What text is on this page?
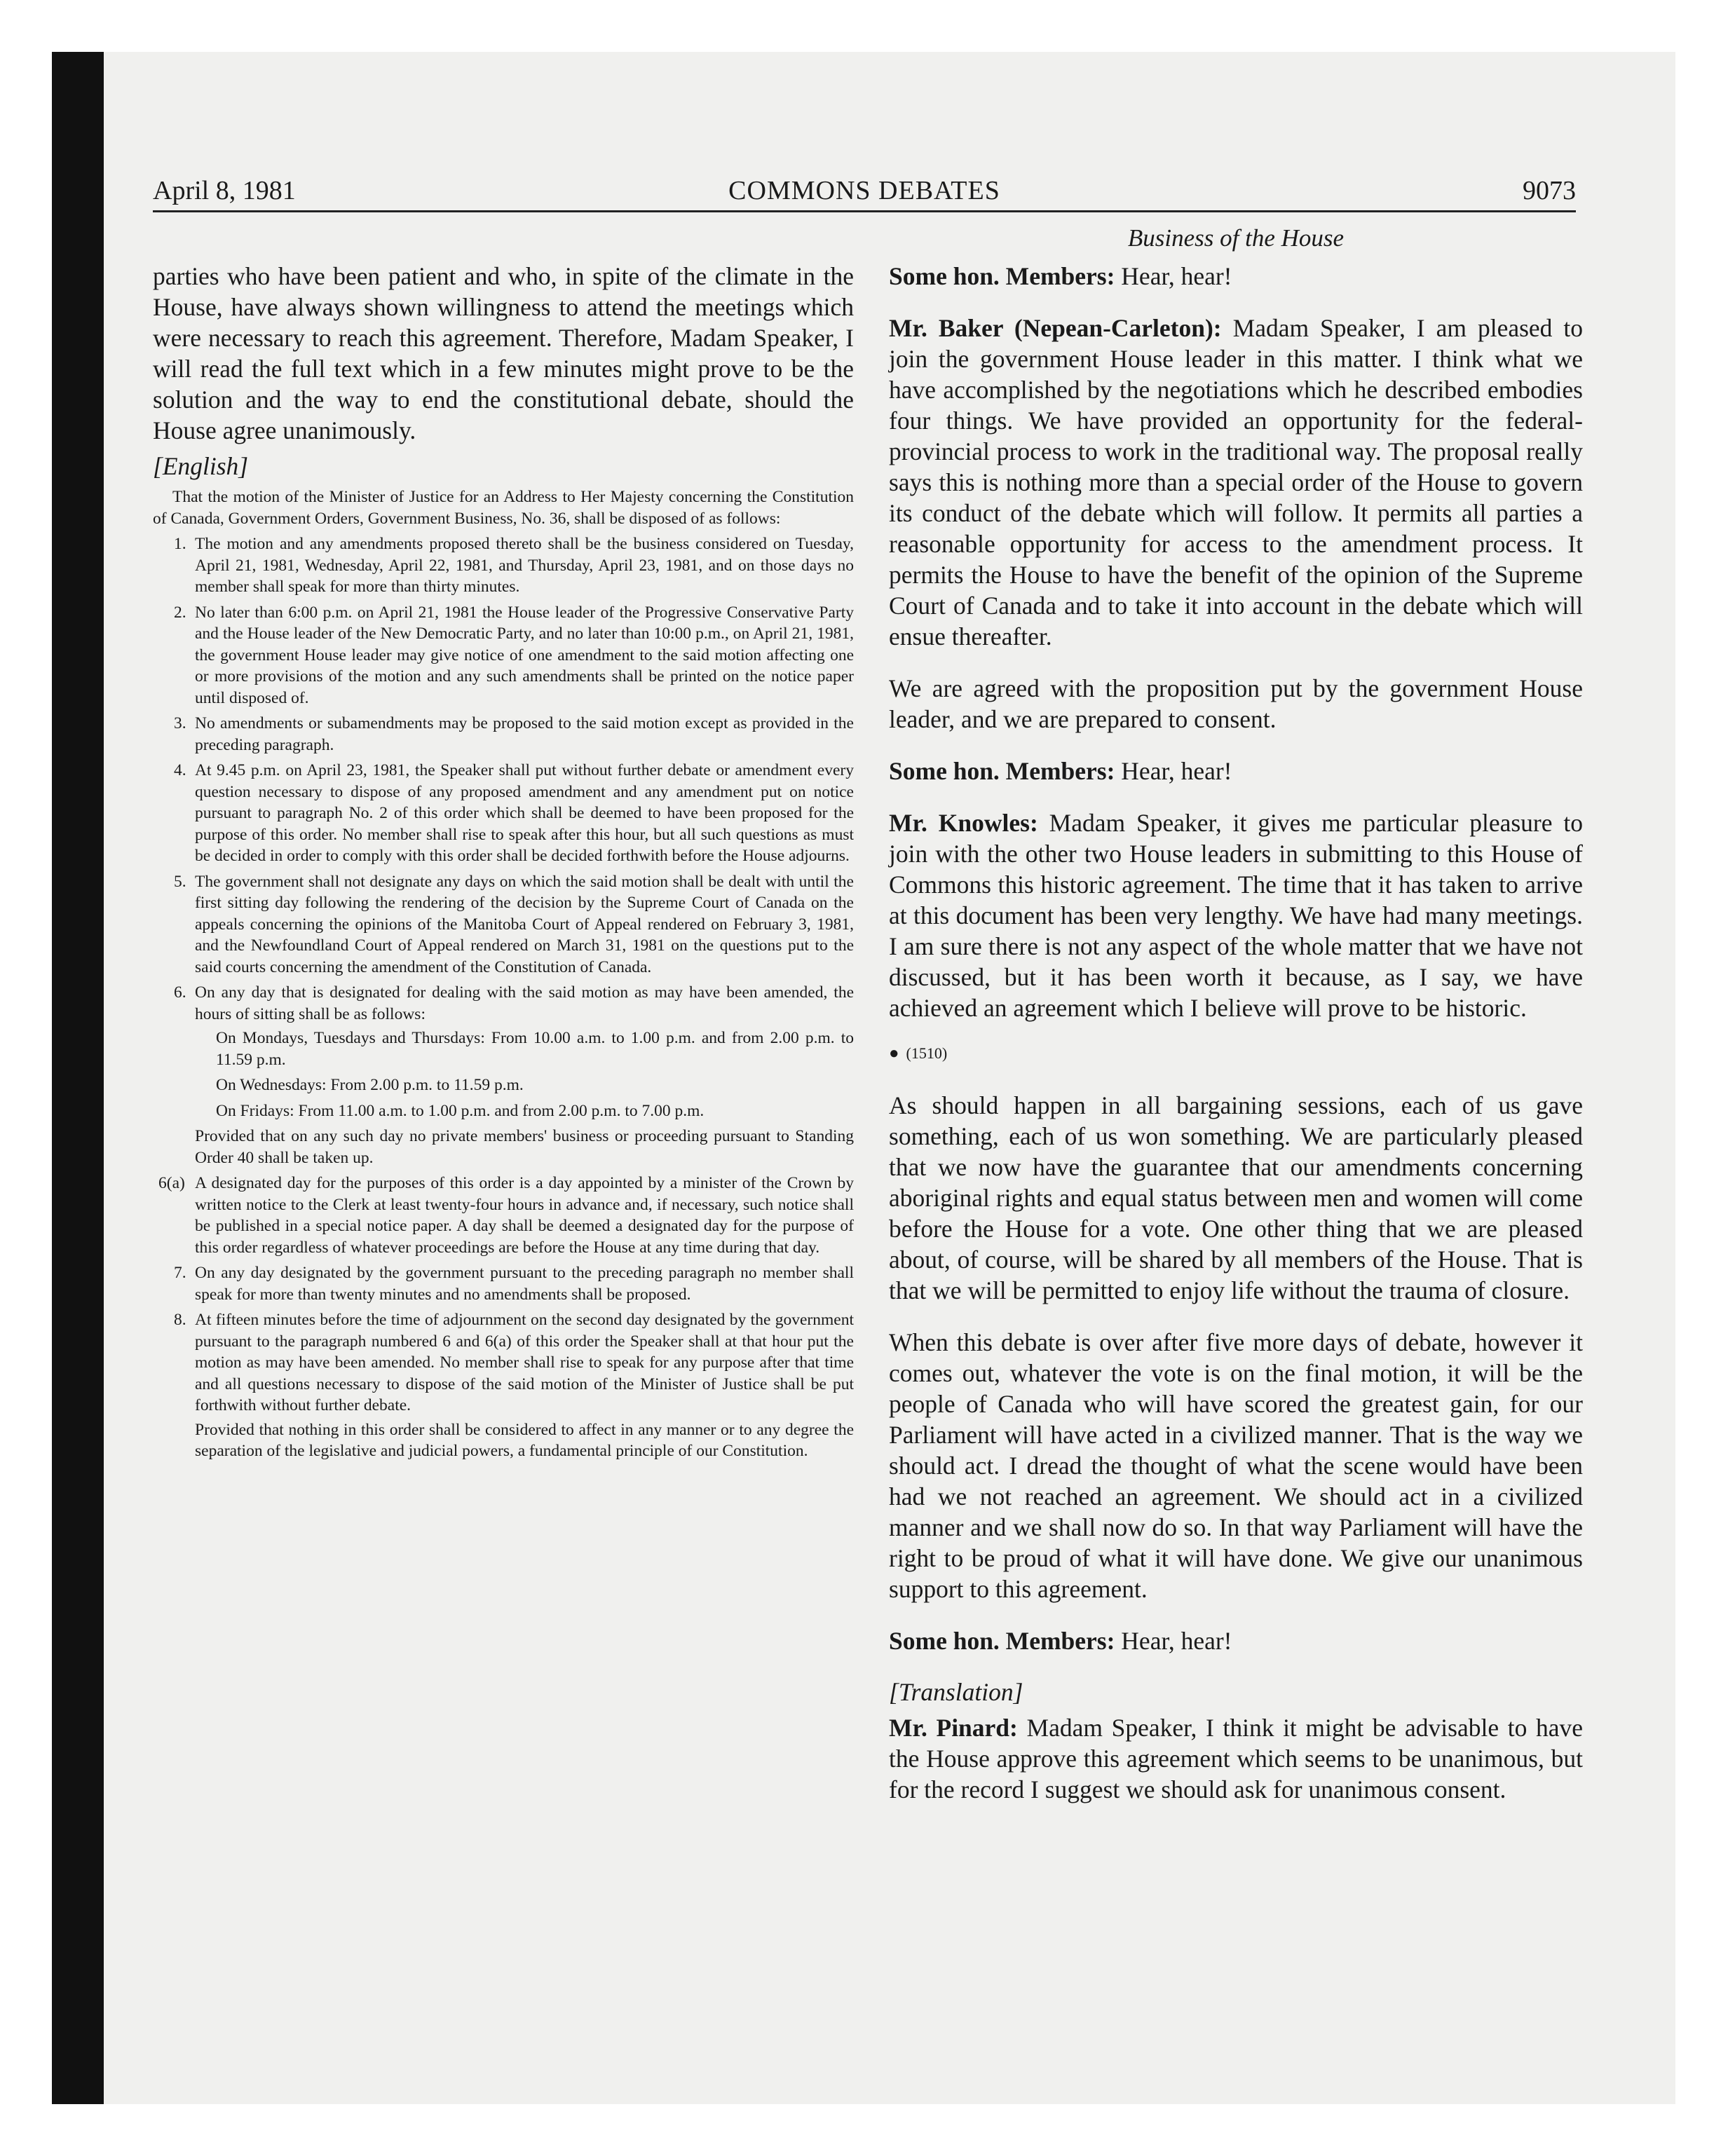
April 8, 1981	COMMONS DEBATES	9073

parties who have been patient and who, in spite of the climate in the House, have always shown willingness to attend the meetings which were necessary to reach this agreement. Therefore, Madam Speaker, I will read the full text which in a few minutes might prove to be the solution and the way to end the constitutional debate, should the House agree unanimously.

[English]

That the motion of the Minister of Justice for an Address to Her Majesty concerning the Constitution of Canada, Government Orders, Government Business, No. 36, shall be disposed of as follows:

1. The motion and any amendments proposed thereto shall be the business considered on Tuesday, April 21, 1981, Wednesday, April 22, 1981, and Thursday, April 23, 1981, and on those days no member shall speak for more than thirty minutes.
2. No later than 6:00 p.m. on April 21, 1981 the House leader of the Progressive Conservative Party and the House leader of the New Democratic Party, and no later than 10:00 p.m., on April 21, 1981, the government House leader may give notice of one amendment to the said motion affecting one or more provisions of the motion and any such amendments shall be printed on the notice paper until disposed of.
3. No amendments or subamendments may be proposed to the said motion except as provided in the preceding paragraph.
4. At 9.45 p.m. on April 23, 1981, the Speaker shall put without further debate or amendment every question necessary to dispose of any proposed amendment and any amendment put on notice pursuant to paragraph No. 2 of this order which shall be deemed to have been proposed for the purpose of this order. No member shall rise to speak after this hour, but all such questions as must be decided in order to comply with this order shall be decided forthwith before the House adjourns.
5. The government shall not designate any days on which the said motion shall be dealt with until the first sitting day following the rendering of the decision by the Supreme Court of Canada on the appeals concerning the opinions of the Manitoba Court of Appeal rendered on February 3, 1981, and the Newfoundland Court of Appeal rendered on March 31, 1981 on the questions put to the said courts concerning the amendment of the Constitution of Canada.
6. On any day that is designated for dealing with the said motion as may have been amended, the hours of sitting shall be as follows:

On Mondays, Tuesdays and Thursdays: From 10.00 a.m. to 1.00 p.m. and from 2.00 p.m. to 11.59 p.m.

On Wednesdays: From 2.00 p.m. to 11.59 p.m.

On Fridays: From 11.00 a.m. to 1.00 p.m. and from 2.00 p.m. to 7.00 p.m.

Provided that on any such day no private members' business or proceeding pursuant to Standing Order 40 shall be taken up.

6(a) A designated day for the purposes of this order is a day appointed by a minister of the Crown by written notice to the Clerk at least twenty-four hours in advance and, if necessary, such notice shall be published in a special notice paper. A day shall be deemed a designated day for the purpose of this order regardless of whatever proceedings are before the House at any time during that day.
7. On any day designated by the government pursuant to the preceding paragraph no member shall speak for more than twenty minutes and no amendments shall be proposed.
8. At fifteen minutes before the time of adjournment on the second day designated by the government pursuant to the paragraph numbered 6 and 6(a) of this order the Speaker shall at that hour put the motion as may have been amended. No member shall rise to speak for any purpose after that time and all questions necessary to dispose of the said motion of the Minister of Justice shall be put forthwith without further debate.

Provided that nothing in this order shall be considered to affect in any manner or to any degree the separation of the legislative and judicial powers, a fundamental principle of our Constitution.

Business of the House

Some hon. Members: Hear, hear!

Mr. Baker (Nepean-Carleton): Madam Speaker, I am pleased to join the government House leader in this matter. I think what we have accomplished by the negotiations which he described embodies four things. We have provided an opportunity for the federal-provincial process to work in the traditional way. The proposal really says this is nothing more than a special order of the House to govern its conduct of the debate which will follow. It permits all parties a reasonable opportunity for access to the amendment process. It permits the House to have the benefit of the opinion of the Supreme Court of Canada and to take it into account in the debate which will ensue thereafter.

We are agreed with the proposition put by the government House leader, and we are prepared to consent.

Some hon. Members: Hear, hear!

Mr. Knowles: Madam Speaker, it gives me particular pleasure to join with the other two House leaders in submitting to this House of Commons this historic agreement. The time that it has taken to arrive at this document has been very lengthy. We have had many meetings. I am sure there is not any aspect of the whole matter that we have not discussed, but it has been worth it because, as I say, we have achieved an agreement which I believe will prove to be historic.

● (1510)

As should happen in all bargaining sessions, each of us gave something, each of us won something. We are particularly pleased that we now have the guarantee that our amendments concerning aboriginal rights and equal status between men and women will come before the House for a vote. One other thing that we are pleased about, of course, will be shared by all members of the House. That is that we will be permitted to enjoy life without the trauma of closure.

When this debate is over after five more days of debate, however it comes out, whatever the vote is on the final motion, it will be the people of Canada who will have scored the greatest gain, for our Parliament will have acted in a civilized manner. That is the way we should act. I dread the thought of what the scene would have been had we not reached an agreement. We should act in a civilized manner and we shall now do so. In that way Parliament will have the right to be proud of what it will have done. We give our unanimous support to this agreement.

Some hon. Members: Hear, hear!

[Translation]

Mr. Pinard: Madam Speaker, I think it might be advisable to have the House approve this agreement which seems to be unanimous, but for the record I suggest we should ask for unanimous consent.
